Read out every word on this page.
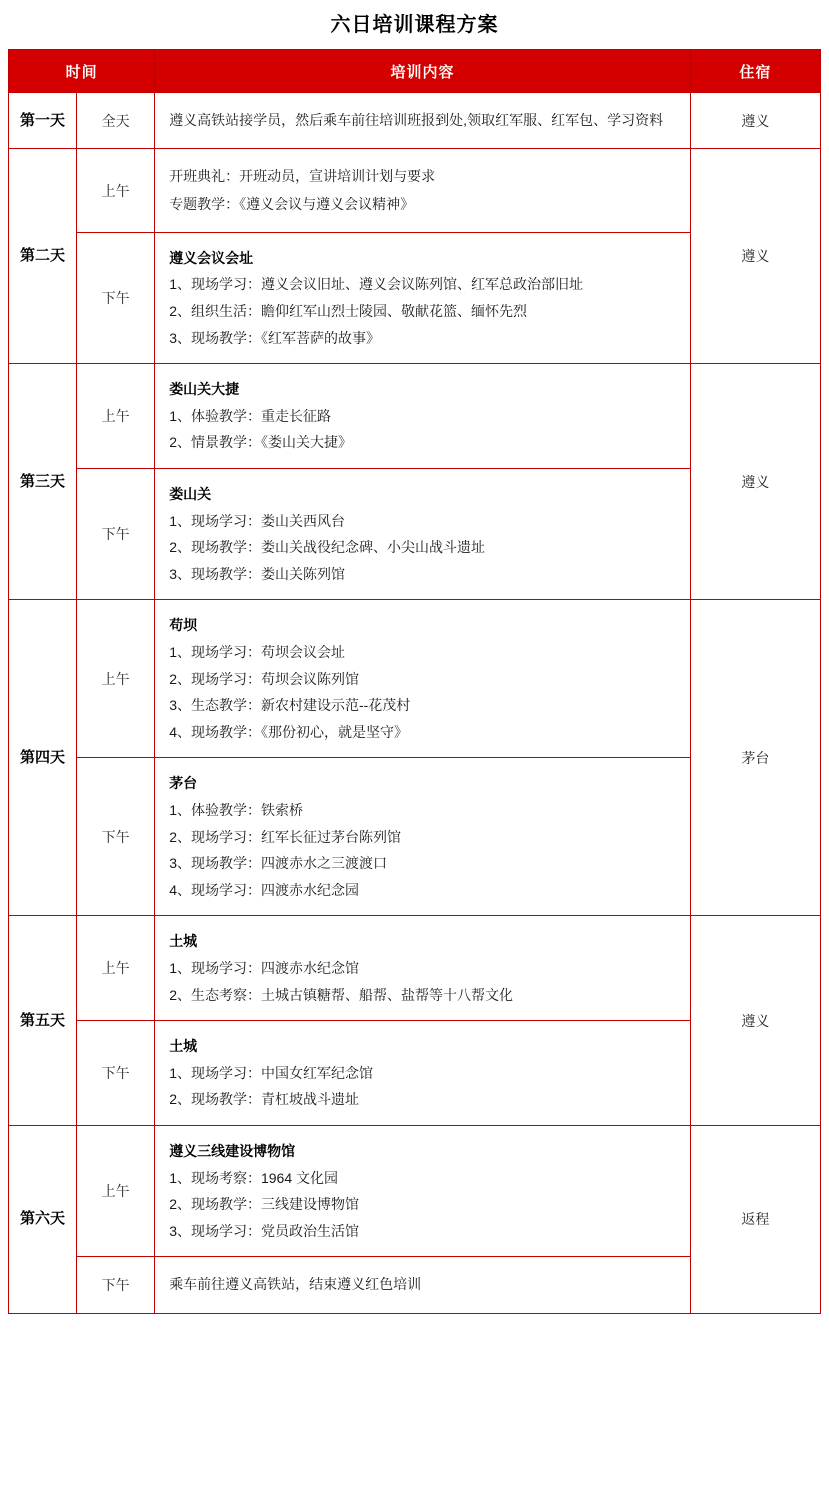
六日培训课程方案
时间		培训内容	住宿
第一天	全天	遵义高铁站接学员，然后乘车前往培训班报到处,领取红军服、红军包、学习资料	遵义
第二天	上午	开班典礼：开班动员，宣讲培训计划与要求
专题教学：《遵义会议与遵义会议精神》	遵义
	下午	遵义会议会址
1、现场学习：遵义会议旧址、遵义会议陈列馆、红军总政治部旧址
2、组织生活：瞻仰红军山烈士陵园、敬献花篮、缅怀先烈
3、现场教学：《红军菩萨的故事》	

第三天	上午	娄山关大捷
1、体验教学：重走长征路
2、情景教学：《娄山关大捷》	遵义
	下午	娄山关
1、现场学习：娄山关西风台
2、现场教学：娄山关战役纪念碑、小尖山战斗遗址
3、现场教学：娄山关陈列馆	

第四天	上午	苟坝
1、现场学习：苟坝会议会址
2、现场学习：苟坝会议陈列馆
3、生态教学：新农村建设示范--花茂村
4、现场教学：《那份初心，就是坚守》	茅台
	下午	茅台
1、体验教学：铁索桥
2、现场学习：红军长征过茅台陈列馆
3、现场教学：四渡赤水之三渡渡口
4、现场学习：四渡赤水纪念园	

第五天	上午	土城
1、现场学习：四渡赤水纪念馆
2、生态考察：土城古镇糖帮、船帮、盐帮等十八帮文化	遵义
	下午	土城
1、现场学习：中国女红军纪念馆
2、现场教学：青杠坡战斗遗址	

第六天	上午	遵义三线建设博物馆
1、现场考察：1964 文化园
2、现场教学：三线建设博物馆
3、现场学习：党员政治生活馆	返程
	下午	乘车前往遵义高铁站，结束遵义红色培训	
